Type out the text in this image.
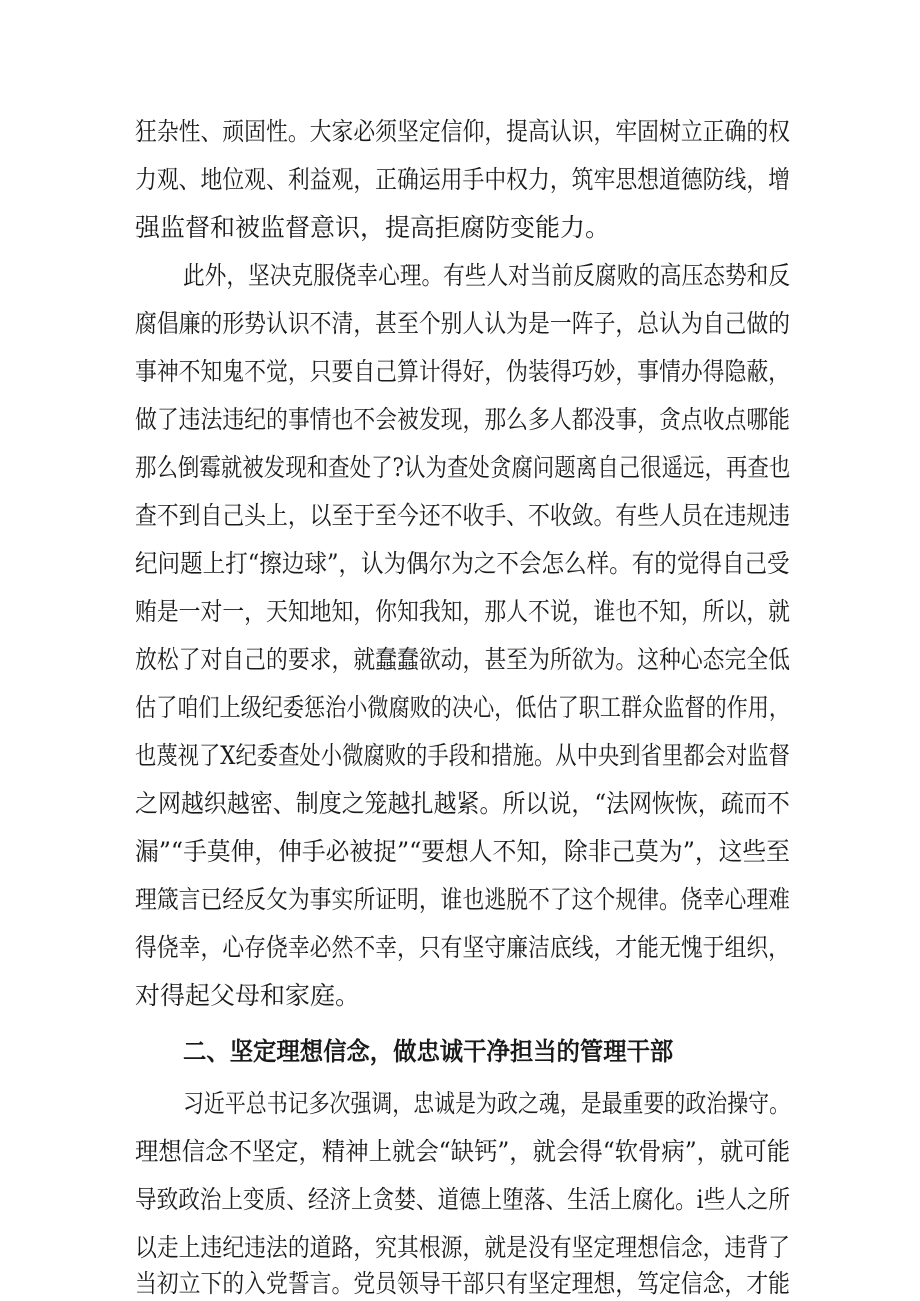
狂杂性、顽固性。大家必须坚定信仰，提高认识，牢固树立正确的权
力观、地位观、利益观，正确运用手中权力，筑牢思想道德防线，增
强监督和被监督意识，提高拒腐防变能力。
此外，坚决克服侥幸心理。有些人对当前反腐败的高压态势和反
腐倡廉的形势认识不清，甚至个别人认为是一阵子，总认为自己做的
事神不知鬼不觉，只要自己算计得好，伪装得巧妙，事情办得隐蔽，
做了违法违纪的事情也不会被发现，那么多人都没事，贪点收点哪能
那么倒霉就被发现和查处了?认为查处贪腐问题离自己很遥远，再查也
查不到自己头上，以至于至今还不收手、不收敛。有些人员在违规违
纪问题上打“擦边球”，认为偶尔为之不会怎么样。有的觉得自己受
贿是一对一，天知地知，你知我知，那人不说，谁也不知，所以，就
放松了对自己的要求，就蠢蠢欲动，甚至为所欲为。这种心态完全低
估了咱们上级纪委惩治小微腐败的决心，低估了职工群众监督的作用，
也蔑视了X纪委查处小微腐败的手段和措施。从中央到省里都会对监督
之网越织越密、制度之笼越扎越紧。所以说，“法网恢恢，疏而不
漏”“手莫伸，伸手必被捉”“要想人不知，除非己莫为”，这些至
理箴言已经反攵为事实所证明，谁也逃脱不了这个规律。侥幸心理难
得侥幸，心存侥幸必然不幸，只有坚守廉洁底线，才能无愧于组织，
对得起父母和家庭。
二、坚定理想信念，做忠诚干净担当的管理干部
习近平总书记多次强调，忠诚是为政之魂，是最重要的政治操守。
理想信念不坚定，精神上就会“缺钙”，就会得“软骨病”，就可能
导致政治上变质、经济上贪婪、道德上堕落、生活上腐化。i些人之所
以走上违纪违法的道路，究其根源，就是没有坚定理想信念，违背了
当初立下的入党誓言。党员领导干部只有坚定理想，笃定信念，才能
